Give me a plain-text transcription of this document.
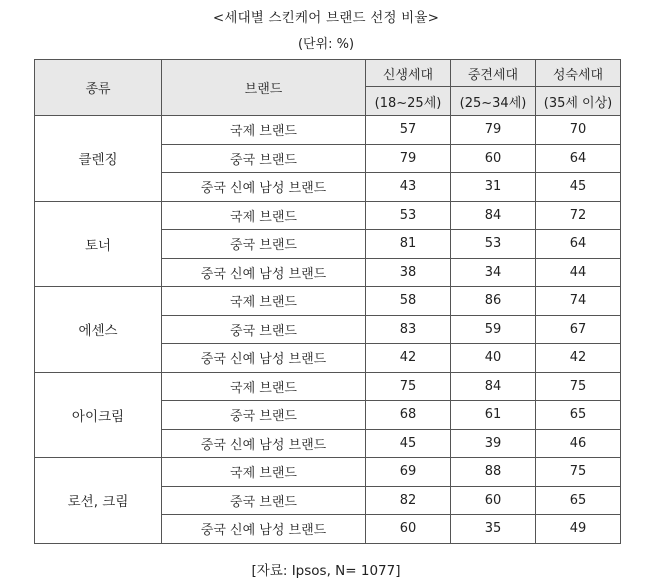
<세대별 스킨케어 브랜드 선정 비율>
(단위: %)
종류	브랜드	신생세대	중견세대	성숙세대
		(18~25세)	(25~34세)	(35세 이상)
클렌징	국제 브랜드	57	79	70
	중국 브랜드	79	60	64
	중국 신예 남성 브랜드	43	31	45
토너	국제 브랜드	53	84	72
	중국 브랜드	81	53	64
	중국 신예 남성 브랜드	38	34	44
에센스	국제 브랜드	58	86	74
	중국 브랜드	83	59	67
	중국 신예 남성 브랜드	42	40	42
아이크림	국제 브랜드	75	84	75
	중국 브랜드	68	61	65
	중국 신예 남성 브랜드	45	39	46
로션, 크림	국제 브랜드	69	88	75
	중국 브랜드	82	60	65
	중국 신예 남성 브랜드	60	35	49
[자료: Ipsos, N= 1077]
